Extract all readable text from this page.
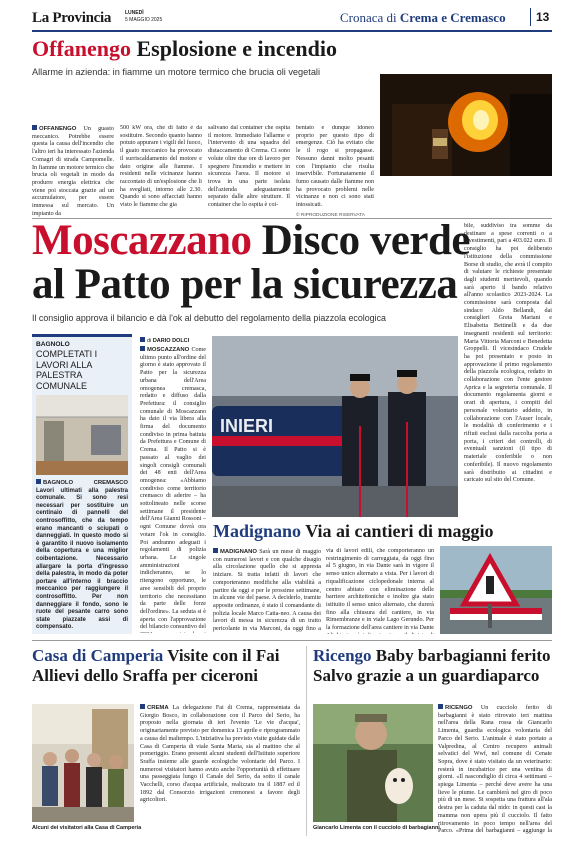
La Provincia	LUNEDÌ
5 MAGGIO 2025	Cronaca di Crema e Cremasco	13
Offanengo Esplosione e incendio
Allarme in azienda: in fiamme un motore termico che brucia oli vegetali
OFFANENGO Un guasto meccanico. Potrebbe essere questa la causa dell'incendio che l'altro ieri ha interessato l'azienda Comagri di strada Campomelle. In fiamme un motore termico che brucia oli vegetali in modo da produrre energia elettrica che viene poi stoccata grazie ad un accumulatore, per essere immessa sul mercato. Un impianto da
500 kW ora, che di fatto è da sostituire. Secondo quanto hanno potuto appurare i vigili del fuoco, il guaio meccanico ha provocato il surriscaldamento del motore e dato origine alle fiamme. I residenti nelle vicinanze hanno raccontato di un'esplosione che li ha svegliati, intorno alle 2.30. Quando si sono affacciati hanno visto le fiamme che gia
salivano dal container che ospita il motore. Immediato l'allarme e l'intervento di una squadra del distaccamento di Crema. Ci sono volute oltre due ore di lavoro per spegnere l'incendio e mettere in sicurezza l'area. Il motore si trova in una parte isolata dell'azienda adeguatamente separato dalle altre strutture. Il container che lo ospita è coi-
bentato e dunque idoneo proprio per questo tipo di emergenze. Ciò ha evitato che le il rogo si propagasse. Nessuno danni molto pesanti con l'impianto che risulta inservibile. Fortunatamente il fumo causato dalle fiamme non ha provocato problemi nelle vicinanze e non ci sono stati intossicati.
© RIPRODUZIONE RISERVATA
Moscazzano Disco verde
al Patto per la sicurezza
Il consiglio approva il bilancio e dà l'ok al debutto del regolamento della piazzola ecologica
bile, suddiviso tra somme da destinare a spese correnti o a investimenti, pari a 403.022 euro. Il consiglio ha poi deliberato l'istituzione della commissione Borse di studio, che avrà il compito di valutare le richieste presentate dagli studenti meritevoli, quando sarà aperto il bando relativo all'anno scolastico 2023-2024. La commissione sarà composta dal sindaco Aldo Bellandi, dai consiglieri Greta Mariani e Elisabetta Bettinelli e da due insegnanti residenti sul territorio: Maria Vittoria Marconi e Benedetta Groppelli. Il vicesindaco Crudele ha poi presentato e posto in approvazione il primo regolamento della piazzola ecologica, redatto in collaborazione con l'ente gestore Aprica e la segreteria comunale. Il documento regolamenta giorni e orari di apertura, i compiti del personale volontario addetto, in collaborazione con l'Auser locale, le modalità di conferimento e i rifiuti esclusi dalla raccolta porta a porta, i criteri dei controlli, di eventuali sanzioni (il tipo di materiale conferibile o non conferibile). Il nuovo regolamento sarà distribuito ai cittadini e caricato sul sito del Comune.
BAGNOLO
COMPLETATI I LAVORI ALLA PALESTRA COMUNALE
BAGNOLO CREMASCO Lavori ultimati alla palestra comunale. Si sono resi necessari per sostituire un centinaio di pannelli del controsoffitto, che da tempo erano mancanti o sciupati o danneggiati. In questo modo si è garantito il nuovo isolamento della copertura e una miglior coibentazione. Necessario allargare la porta d'ingresso della palestra, in modo da poter portare all'interno il braccio meccanico per raggiungere il controsoffitto. Per non danneggiare il fondo, sono le ruote del pesante carro sono state piazzate assi di compensato.
di DARIO DOLCI
MOSCAZZANO Come ultimo punto all'ordine del giorno è stato approvato il Patto per la sicurezza urbana dell'Area omogenea cremasca, redatto e diffuso dalla Prefettura: il consiglio comunale di Moscazzano ha dato il via libera alla firma del documento condiviso in prima battuta da Prefettura e Comune di Crema. Il Patto si è passato al vaglio dei singoli consigli comunali dei 48 enti dell'Area omogenea: «Abbiamo condiviso come territorio cremasco di aderire – ha sottolineato nelle scorse settimane il presidente dell'Area Gianni Rossoni – ogni Comune dovrà ora votare l'ok in consiglio. Poi andranno adeguati i regolamenti di polizia urbana. Le singole amministrazioni indicheranno, se lo ritengono opportuno, le aree sensibili del proprio territorio che necessitano da parte delle forze dell'ordine». La seduta si è aperta con l'approvazione del bilancio consuntivo del
INIERI
Madignano Via ai cantieri di maggio
MADIGNANO Sarà un mese di maggio con numerosi lavori e con qualche disagio alla circolazione quello che si appresta iniziare. Si tratta infatti di lavori che comporteranno modifiche alla viabilità a partire da oggi e per le prossime settimane, in alcune vie del paese. A deciderlo, tramite apposite ordinanze, è stato il comandante di polizia locale Marco Catta-neo. A causa dei lavori di messa in sicurezza di un tratto pericolante in via Marconi, da oggi fino a
via di lavori edili, che comporteranno un restringimento di carreggiata, da oggi fino al 5 giugno, in via Dante sarà in vigore il senso unico alternato a vista. Per i lavori di riqualificazione ciclopedonale interna al centro abitato con eliminazione delle barriere architettoniche e inoltre gia stato istituito il senso unico alternato, che durerà fino alla chiusura del cantiere, in via Rimembranze e in viale Lago Gerundo. Per la formazione dell'area cantiere in via Dante
Casa di Camperia Visite con il Fai
Allievi dello Sraffa per ciceroni
Alcuni dei visitatori alla Casa di Camperia
CREMA La delegazione Fai di Crema, rappresentata da Giorgio Bosco, in collaborazione con il Parco del Serio, ha proposto nella giornata di ieri l'evento 'Le vie d'acqua', originariamente previsto per domenica 13 aprile e riprogrammato a causa del maltempo. L'iniziativa ha previsto visite guidate dalle Casa di Camperia di viale Santa Maria, sia al mattino che al pomeriggio. Erano presenti alcuni studenti dell'Istituto superiore Sraffa insieme alle guarde ecologiche volontarie del Parco. I numerosi visitatori hanno avuto anche l'opportunità di effettuare una passeggiata lungo il Canale del Serio, da sotto il canale Vacchelli, corso d'acqua artificiale, realizzato tra il 1887 ed il 1892 dal Consorzio irrigazioni cremonesi a favore degli agricoltori.
Ricengo Baby barbagianni ferito
Salvo grazie a un guardiaparco
Giancarlo Limenta con il cucciolo di barbagianni
RICENGO Un cucciolo ferito di barbagianni è stato ritrovato ieri mattina nell'area della Rana rossa da Giancarlo Limenta, guardia ecologica volontaria del Parco del Serio. L'animale è stato portato a Valpredina, al Centro recupero animali selvatici del Wwf, nel comune di Cenate Sopra, dove è stato visitato da un veterinario: resterà in incubatrice per una ventina di giorni. «Il nascondiglio di circa 4 settimani – spiega Limenta – perché deve avere ha una lieve le piume. Le cambierà nel giro di poco più di un mese. Si sospetta una frattura all'ala destra per la caduta dal nido: in questi casi la mamma non upera più il cucciolo. Il fatto ritrovamento in poco tempo nell'area del Parco. «Prima del barbagianni – aggiunge la
